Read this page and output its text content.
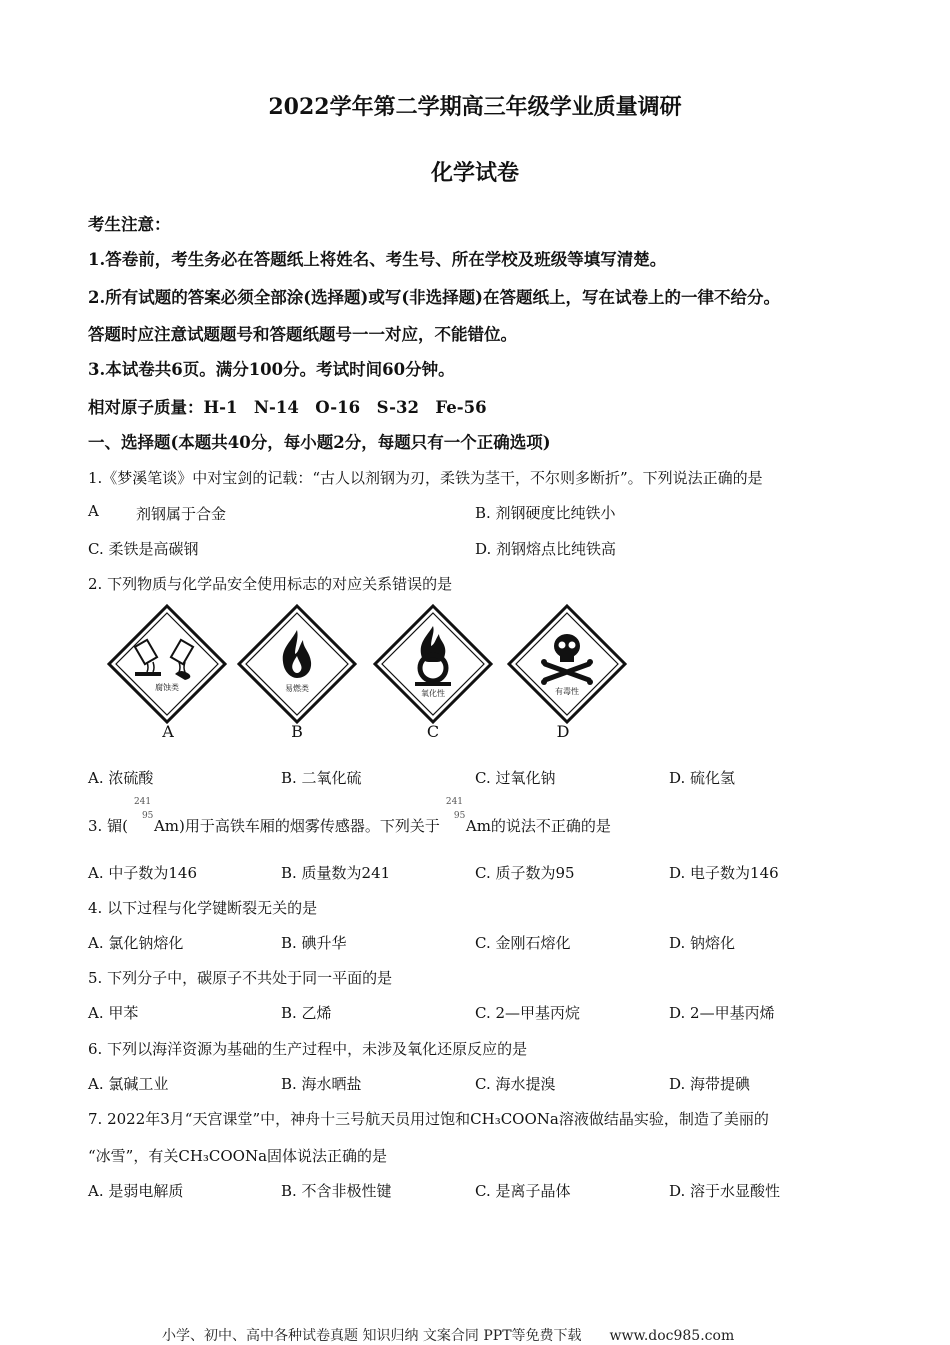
2022学年第二学期高三年级学业质量调研
化学试卷
考生注意：
1.答卷前，考生务必在答题纸上将姓名、考生号、所在学校及班级等填写清楚。
2.所有试题的答案必须全部涂(选择题)或写(非选择题)在答题纸上，写在试卷上的一律不给分。
答题时应注意试题题号和答题纸题号一一对应，不能错位。
3.本试卷共6页。满分100分。考试时间60分钟。
相对原子质量：H-1　N-14　O-16　S-32　Fe-56
一、选择题(本题共40分，每小题2分，每题只有一个正确选项)
1.《梦溪笔谈》中对宝剑的记载：“古人以剂钢为刃，柔铁为茎干，不尔则多断折”。下列说法正确的是
A 剂钢属于合金	B. 剂钢硬度比纯铁小
C. 柔铁是高碳钢	D. 剂钢熔点比纯铁高
2. 下列物质与化学品安全使用标志的对应关系错误的是
腐蚀类	易燃类
氧化性	有毒性
A	B	C	D
A. 浓硫酸	B. 二氧化硫	C. 过氧化钠	D. 硫化氢
3. 镅(
241
95
Am)用于高铁车厢的烟雾传感器。下列关于
241
95
Am的说法不正确的是
A. 中子数为146	B. 质量数为241	C. 质子数为95	D. 电子数为146
4. 以下过程与化学键断裂无关的是
A. 氯化钠熔化	B. 碘升华	C. 金刚石熔化	D. 钠熔化
5. 下列分子中，碳原子不共处于同一平面的是
A. 甲苯	B. 乙烯	C. 2—甲基丙烷	D. 2—甲基丙烯
6. 下列以海洋资源为基础的生产过程中，未涉及氧化还原反应的是
A. 氯碱工业	B. 海水晒盐	C. 海水提溴	D. 海带提碘
7. 2022年3月“天宫课堂”中，神舟十三号航天员用过饱和CH₃COONa溶液做结晶实验，制造了美丽的
“冰雪”，有关CH₃COONa固体说法正确的是
A. 是弱电解质	B. 不含非极性键	C. 是离子晶体	D. 溶于水显酸性
小学、初中、高中各种试卷真题 知识归纳 文案合同 PPT等免费下载　　www.doc985.com
